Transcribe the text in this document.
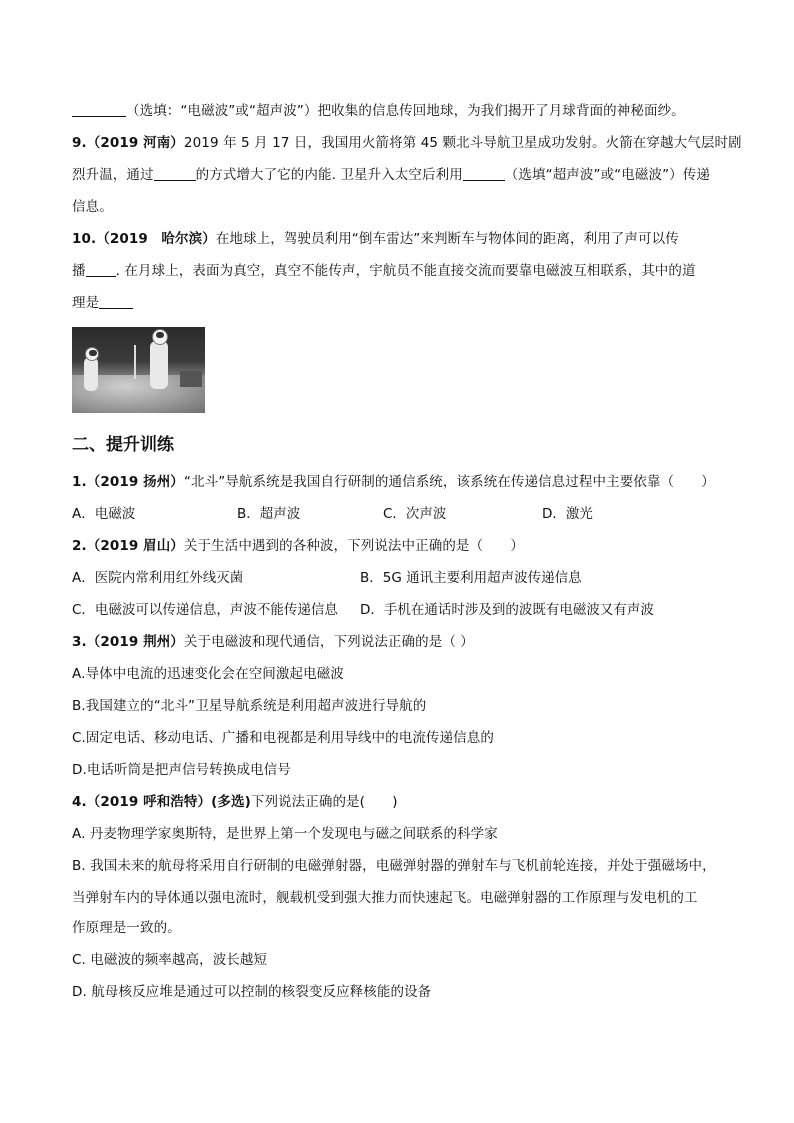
（选填：“电磁波”或“超声波”）把收集的信息传回地球，为我们揭开了月球背面的神秘面纱。
9.（2019 河南）2019 年 5 月 17 日，我国用火箭将第 45 颗北斗导航卫星成功发射。火箭在穿越大气层时剧
烈升温，通过	的方式增大了它的内能. 卫星升入太空后利用	（选填“超声波”或“电磁波”）传递
信息。
10.（2019　哈尔滨）在地球上，驾驶员利用“倒车雷达”来判断车与物体间的距离，利用了声可以传
播 . 在月球上，表面为真空，真空不能传声，宇航员不能直接交流而要靠电磁波互相联系，其中的道
理是
二、提升训练
1.（2019 扬州）“北斗”导航系统是我国自行研制的通信系统，该系统在传递信息过程中主要依靠（　　）
A．电磁波	B．超声波	C．次声波	D．激光
2.（2019 眉山）关于生活中遇到的各种波，下列说法中正确的是（　　）
A．医院内常利用红外线灭菌	B．5G 通讯主要利用超声波传递信息
C．电磁波可以传递信息，声波不能传递信息 D．手机在通话时涉及到的波既有电磁波又有声波
3.（2019 荆州）关于电磁波和现代通信，下列说法正确的是（ ）
A.导体中电流的迅速变化会在空间激起电磁波
B.我国建立的“北斗”卫星导航系统是利用超声波进行导航的
C.固定电话、移动电话、广播和电视都是利用导线中的电流传递信息的
D.电话听筒是把声信号转换成电信号
4.（2019 呼和浩特）(多选)下列说法正确的是(　　)
A. 丹麦物理学家奥斯特，是世界上第一个发现电与磁之间联系的科学家
B. 我国未来的航母将采用自行研制的电磁弹射器，电磁弹射器的弹射车与飞机前轮连接，并处于强磁场中，
当弹射车内的导体通以强电流时，舰载机受到强大推力而快速起飞。电磁弹射器的工作原理与发电机的工
作原理是一致的。
C. 电磁波的频率越高，波长越短
D. 航母核反应堆是通过可以控制的核裂变反应释核能的设备
